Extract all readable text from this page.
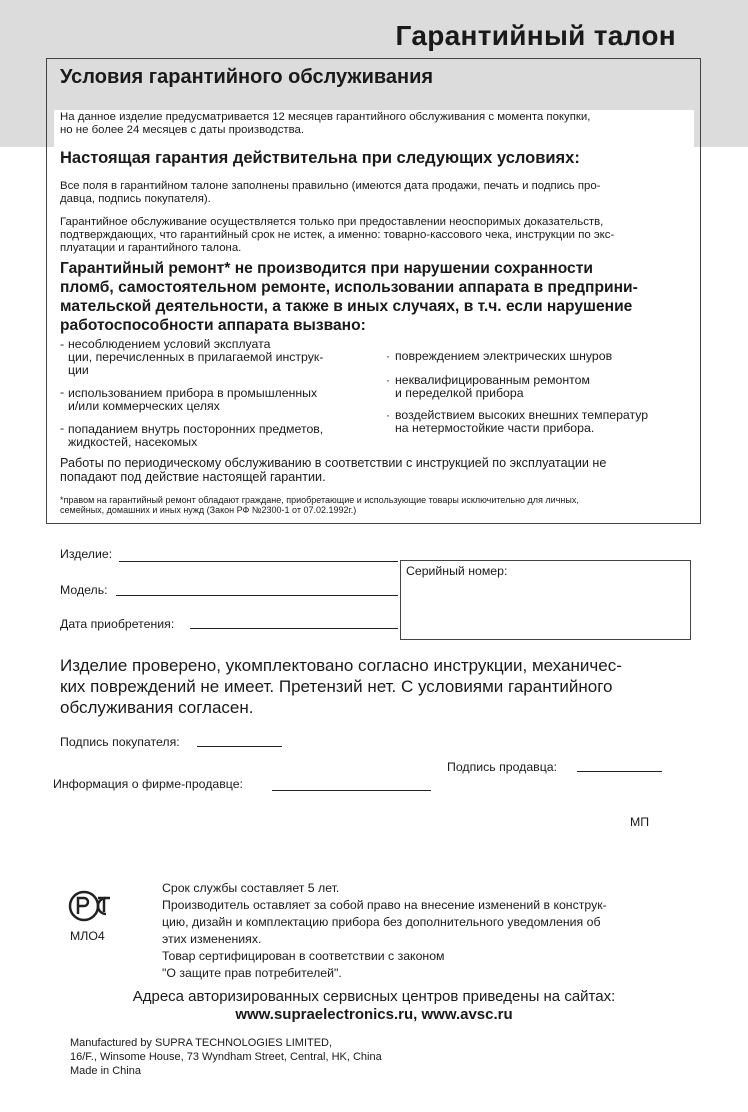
Гарантийный талон
Условия гарантийного обслуживания
На данное изделие предусматривается 12 месяцев гарантийного обслуживания с момента покупки,
но не более 24 месяцев с даты производства.
Настоящая гарантия действительна при следующих условиях:
Все поля в гарантийном талоне заполнены правильно (имеются дата продажи, печать и подпись про-
давца, подпись покупателя).
Гарантийное обслуживание осуществляется только при предоставлении неоспоримых доказательств,
подтверждающих, что гарантийный срок не истек, а именно: товарно-кассового чека, инструкции по экс-
плуатации и гарантийного талона.
Гарантийный ремонт* не производится при нарушении сохранности
пломб, самостоятельном ремонте, использовании аппарата в предприни-
мательской деятельности, а также в иных случаях, в т.ч. если нарушение
работоспособности аппарата вызвано:
- несоблюдением условий эксплуата
ции, перечисленных в прилагаемой инструк-
ции
- использованием прибора в промышленных
и/или коммерческих целях
- попаданием внутрь посторонних предметов,
жидкостей, насекомых
· повреждением электрических шнуров
· неквалифицированным ремонтом
и переделкой прибора
· воздействием высоких внешних температур
на нетермостойкие части прибора.
Работы по периодическому обслуживанию в соответствии с инструкцией по эксплуатации не
попадают под действие настоящей гарантии.
*правом на гарантийный ремонт обладают граждане, приобретающие и использующие товары исключительно для личных,
семейных, домашних и иных нужд (Закон РФ №2300-1 от 07.02.1992г.)
Изделие:
Модель:
Дата приобретения:
Серийный номер:
Изделие проверено, укомплектовано согласно инструкции, механичес-
ких повреждений не имеет. Претензий нет. С условиями гарантийного
обслуживания согласен.
Подпись покупателя:
Подпись продавца:
Информация о фирме-продавце:
МП
МЛО4
Срок службы составляет 5 лет.
Производитель оставляет за собой право на внесение изменений в конструк-
цию, дизайн и комплектацию прибора без дополнительного уведомления об
этих изменениях.
Товар сертифицирован в соответствии с законом
"О защите прав потребителей".
Адреса авторизированных сервисных центров приведены на сайтах:
www.supraelectronics.ru, www.avsc.ru
Manufactured by SUPRA TECHNOLOGIES LIMITED,
16/F., Winsome House, 73 Wyndham Street, Central, HK, China
Made in China
